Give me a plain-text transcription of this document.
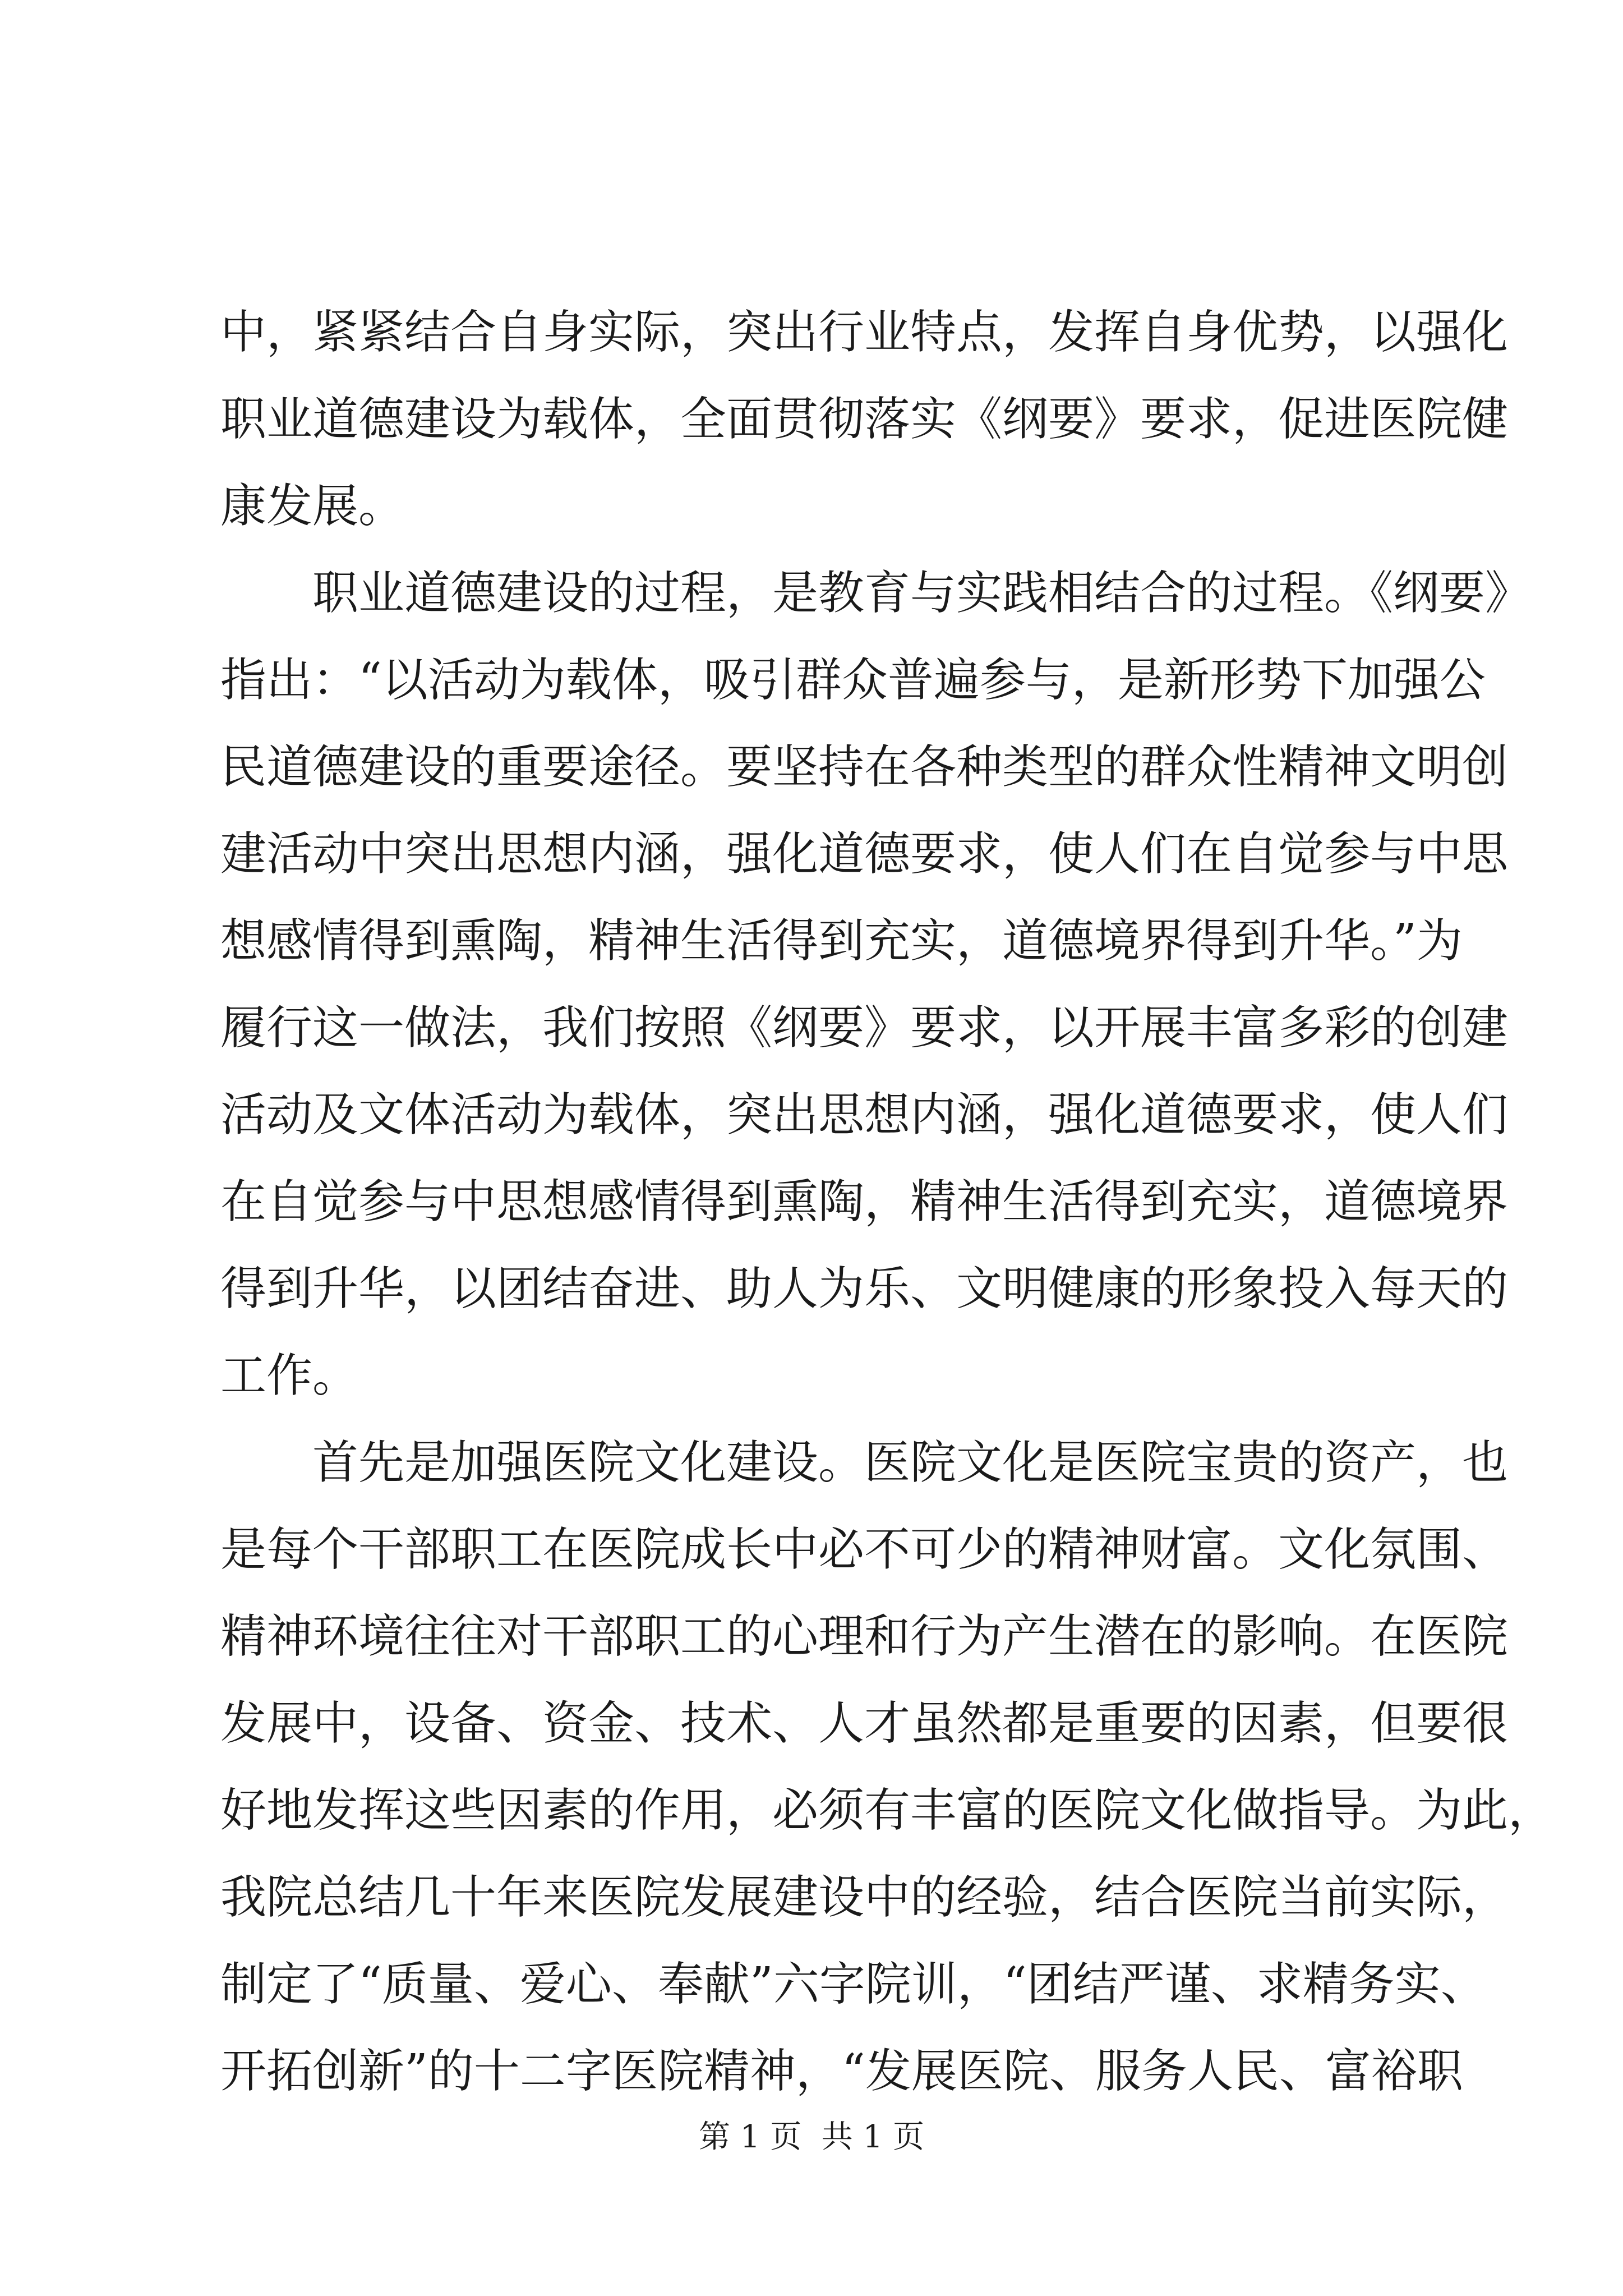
中，紧紧结合自身实际，突出行业特点，发挥自身优势，以强化
职业道德建设为载体，全面贯彻落实《纲要》要求，促进医院健
康发展。
　　职业道德建设的过程，是教育与实践相结合的过程。《纲要》
指出：“以活动为载体，吸引群众普遍参与，是新形势下加强公
民道德建设的重要途径。要坚持在各种类型的群众性精神文明创
建活动中突出思想内涵，强化道德要求，使人们在自觉参与中思
想感情得到熏陶，精神生活得到充实，道德境界得到升华。”为
履行这一做法，我们按照《纲要》要求，以开展丰富多彩的创建
活动及文体活动为载体，突出思想内涵，强化道德要求，使人们
在自觉参与中思想感情得到熏陶，精神生活得到充实，道德境界
得到升华，以团结奋进、助人为乐、文明健康的形象投入每天的
工作。
　　首先是加强医院文化建设。医院文化是医院宝贵的资产，也
是每个干部职工在医院成长中必不可少的精神财富。文化氛围、
精神环境往往对干部职工的心理和行为产生潜在的影响。在医院
发展中，设备、资金、技术、人才虽然都是重要的因素，但要很
好地发挥这些因素的作用，必须有丰富的医院文化做指导。为此，
我院总结几十年来医院发展建设中的经验，结合医院当前实际，
制定了“质量、爱心、奉献”六字院训，“团结严谨、求精务实、
开拓创新”的十二字医院精神，“发展医院、服务人民、富裕职
第 1 页  共 1 页
